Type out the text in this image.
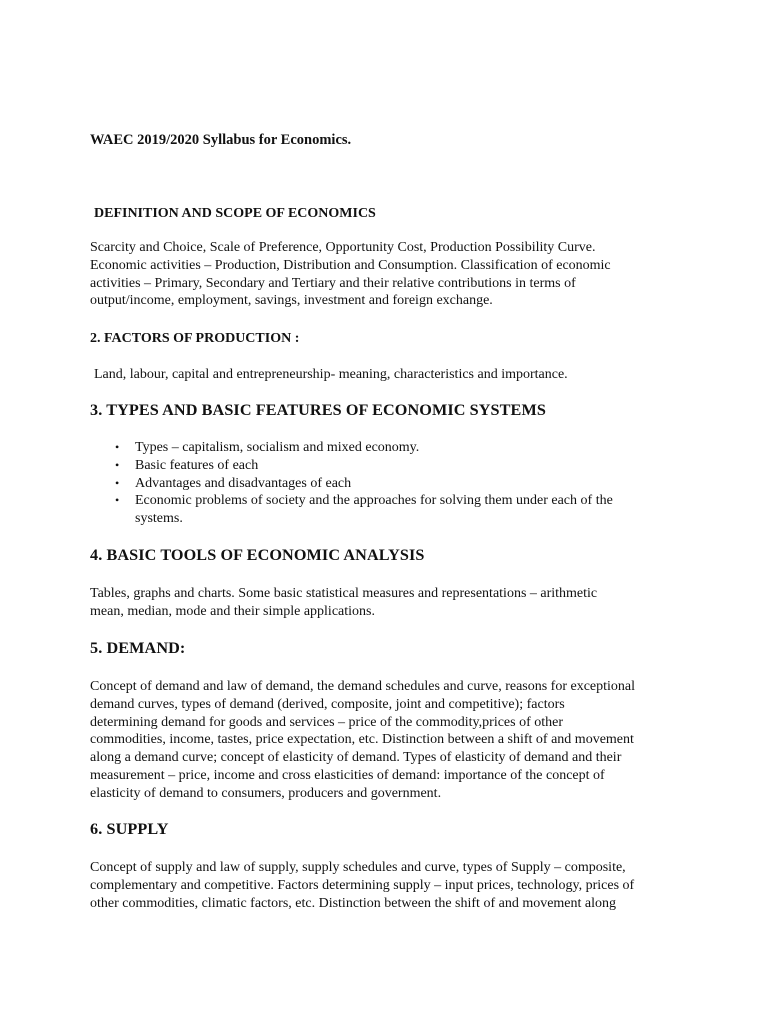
WAEC 2019/2020 Syllabus for Economics.
DEFINITION AND SCOPE OF ECONOMICS

Scarcity and Choice, Scale of Preference, Opportunity Cost, Production Possibility Curve.
Economic activities – Production, Distribution and Consumption. Classification of economic
activities – Primary, Secondary and Tertiary and their relative contributions in terms of
output/income, employment, savings, investment and foreign exchange.

2. FACTORS OF PRODUCTION :

Land, labour, capital and entrepreneurship- meaning, characteristics and importance.

3. TYPES AND BASIC FEATURES OF ECONOMIC SYSTEMS
• Types – capitalism, socialism and mixed economy.
• Basic features of each
• Advantages and disadvantages of each
• Economic problems of society and the approaches for solving them under each of the
systems.
4. BASIC TOOLS OF ECONOMIC ANALYSIS

Tables, graphs and charts. Some basic statistical measures and representations – arithmetic
mean, median, mode and their simple applications.

5. DEMAND:

Concept of demand and law of demand, the demand schedules and curve, reasons for exceptional
demand curves, types of demand (derived, composite, joint and competitive); factors
determining demand for goods and services – price of the commodity,prices of other
commodities, income, tastes, price expectation, etc. Distinction between a shift of and movement
along a demand curve; concept of elasticity of demand. Types of elasticity of demand and their
measurement – price, income and cross elasticities of demand: importance of the concept of
elasticity of demand to consumers, producers and government.

6. SUPPLY

Concept of supply and law of supply, supply schedules and curve, types of Supply – composite,
complementary and competitive. Factors determining supply – input prices, technology, prices of
other commodities, climatic factors, etc. Distinction between the shift of and movement along
